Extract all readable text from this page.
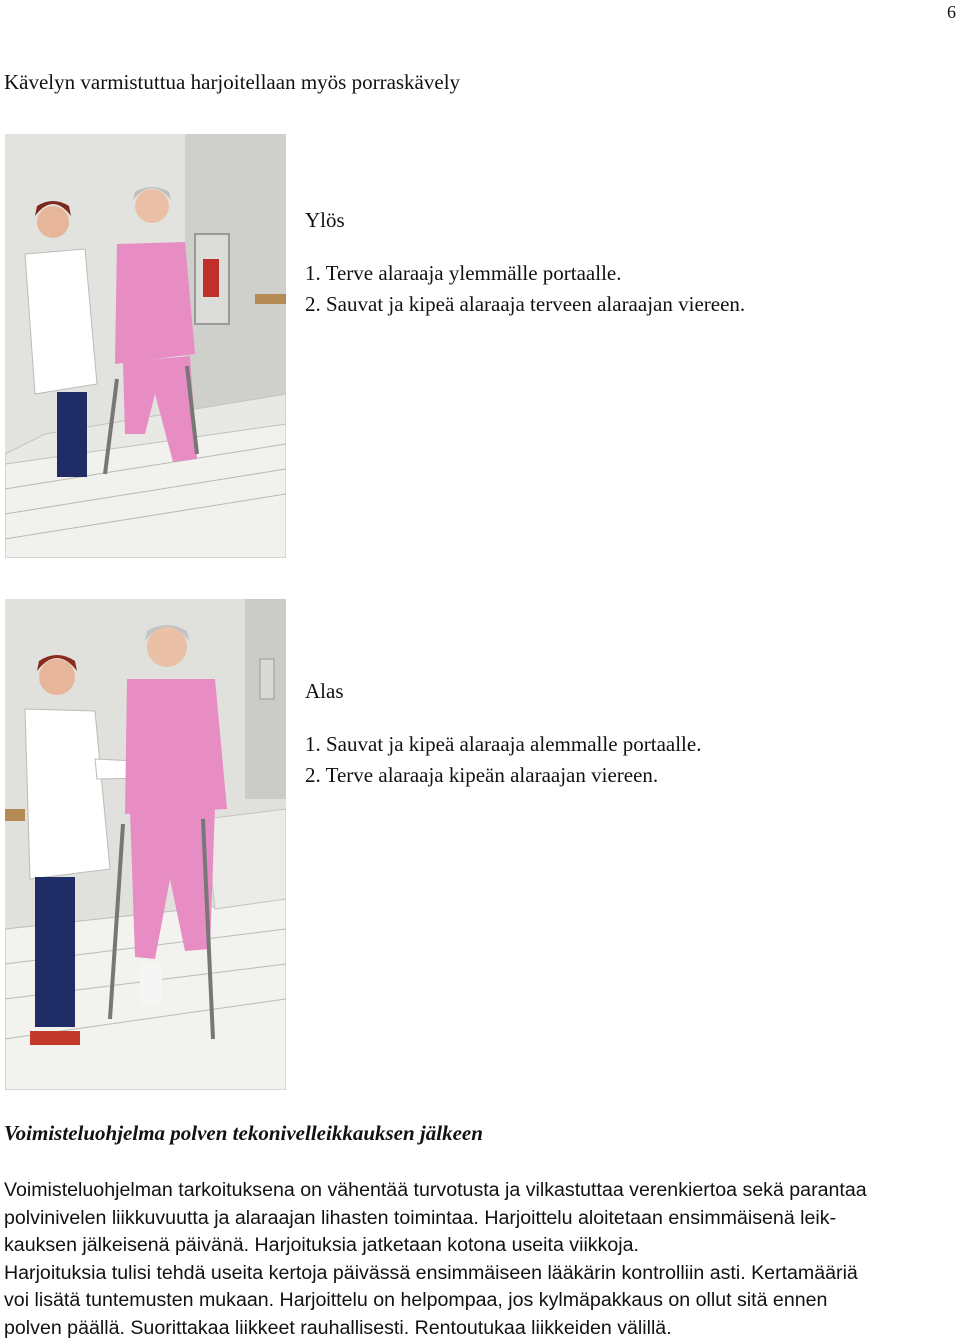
6
Kävelyn varmistuttua harjoitellaan myös porraskävely
Ylös
1. Terve alaraaja ylemmälle portaalle.
2. Sauvat ja kipeä alaraaja terveen alaraajan viereen.
Alas
1. Sauvat ja kipeä alaraaja alemmalle portaalle.
2. Terve alaraaja kipeän alaraajan viereen.
Voimisteluohjelma polven tekonivelleikkauksen jälkeen
Voimisteluohjelman tarkoituksena on vähentää turvotusta ja vilkastuttaa verenkiertoa sekä parantaa
polvinivelen liikkuvuutta ja alaraajan lihasten toimintaa. Harjoittelu aloitetaan ensimmäisenä leik-
kauksen jälkeisenä päivänä. Harjoituksia jatketaan kotona useita viikkoja.
Harjoituksia tulisi tehdä useita kertoja päivässä ensimmäiseen lääkärin kontrolliin asti. Kertamääriä
voi lisätä tuntemusten mukaan. Harjoittelu on helpompaa, jos kylmäpakkaus on ollut sitä ennen
polven päällä. Suorittakaa liikkeet rauhallisesti. Rentoutukaa liikkeiden välillä.
